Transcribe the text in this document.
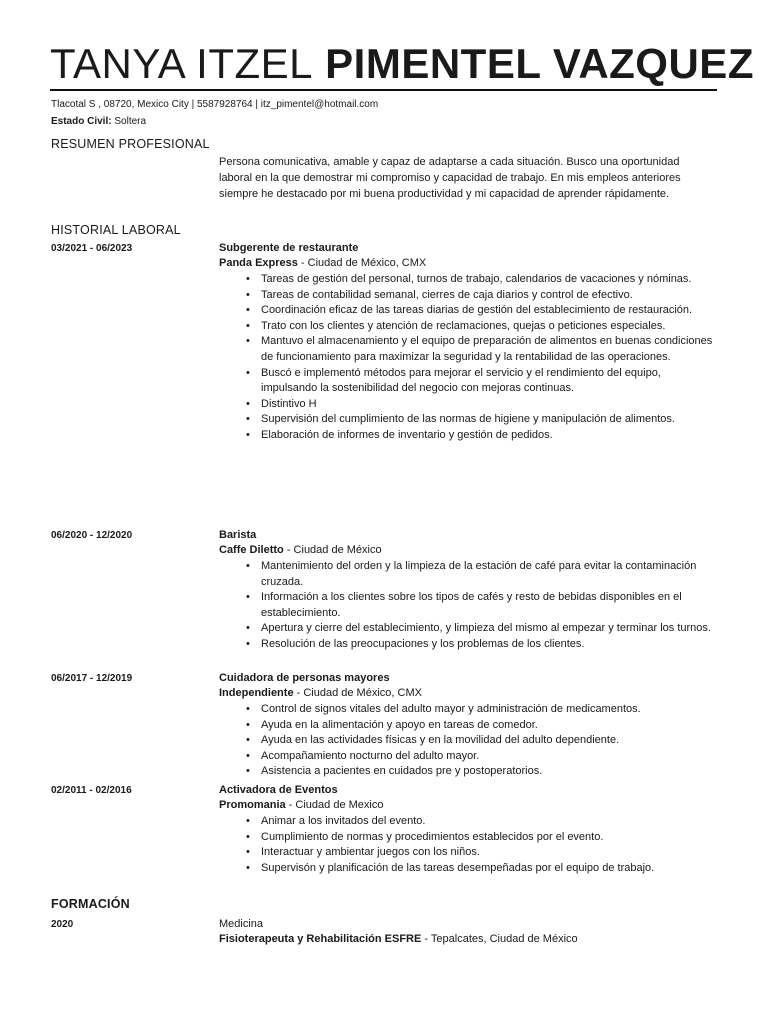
TANYA ITZEL PIMENTEL VAZQUEZ
Tlacotal S , 08720, Mexico City | 5587928764 | itz_pimentel@hotmail.com
Estado Civil: Soltera
RESUMEN PROFESIONAL

Persona comunicativa, amable y capaz de adaptarse a cada situación. Busco una oportunidad laboral en la que demostrar mi compromiso y capacidad de trabajo. En mis empleos anteriores siempre he destacado por mi buena productividad y mi capacidad de aprender rápidamente.

HISTORIAL LABORAL
03/2021 - 06/2023	Subgerente de restaurante
Panda Express - Ciudad de México, CMX
• Tareas de gestión del personal, turnos de trabajo, calendarios de vacaciones y nóminas.
• Tareas de contabilidad semanal, cierres de caja diarios y control de efectivo.
• Coordinación eficaz de las tareas diarias de gestión del establecimiento de restauración.
• Trato con los clientes y atención de reclamaciones, quejas o peticiones especiales.
• Mantuvo el almacenamiento y el equipo de preparación de alimentos en buenas condiciones de funcionamiento para maximizar la seguridad y la rentabilidad de las operaciones.
• Buscó e implementó métodos para mejorar el servicio y el rendimiento del equipo, impulsando la sostenibilidad del negocio con mejoras continuas.
• Distintivo H
• Supervisión del cumplimiento de las normas de higiene y manipulación de alimentos.
• Elaboración de informes de inventario y gestión de pedidos.
06/2020 - 12/2020	Barista
Caffe Diletto - Ciudad de México
• Mantenimiento del orden y la limpieza de la estación de café para evitar la contaminación cruzada.
• Información a los clientes sobre los tipos de cafés y resto de bebidas disponibles en el establecimiento.
• Apertura y cierre del establecimiento, y limpieza del mismo al empezar y terminar los turnos.
• Resolución de las preocupaciones y los problemas de los clientes.
06/2017 - 12/2019	Cuidadora de personas mayores
Independiente - Ciudad de México, CMX
• Control de signos vitales del adulto mayor y administración de medicamentos.
• Ayuda en la alimentación y apoyo en tareas de comedor.
• Ayuda en las actividades físicas y en la movilidad del adulto dependiente.
• Acompañamiento nocturno del adulto mayor.
• Asistencia a pacientes en cuidados pre y postoperatorios.
02/2011 - 02/2016	Activadora de Eventos
Promomania - Ciudad de Mexico
• Animar a los invitados del evento.
• Cumplimiento de normas y procedimientos establecidos por el evento.
• Interactuar y ambientar juegos con los niños.
• Supervisón y planificación de las tareas desempeñadas por el equipo de trabajo.
FORMACIÓN
2020	Medicina
Fisioterapeuta y Rehabilitación ESFRE - Tepalcates, Ciudad de México
